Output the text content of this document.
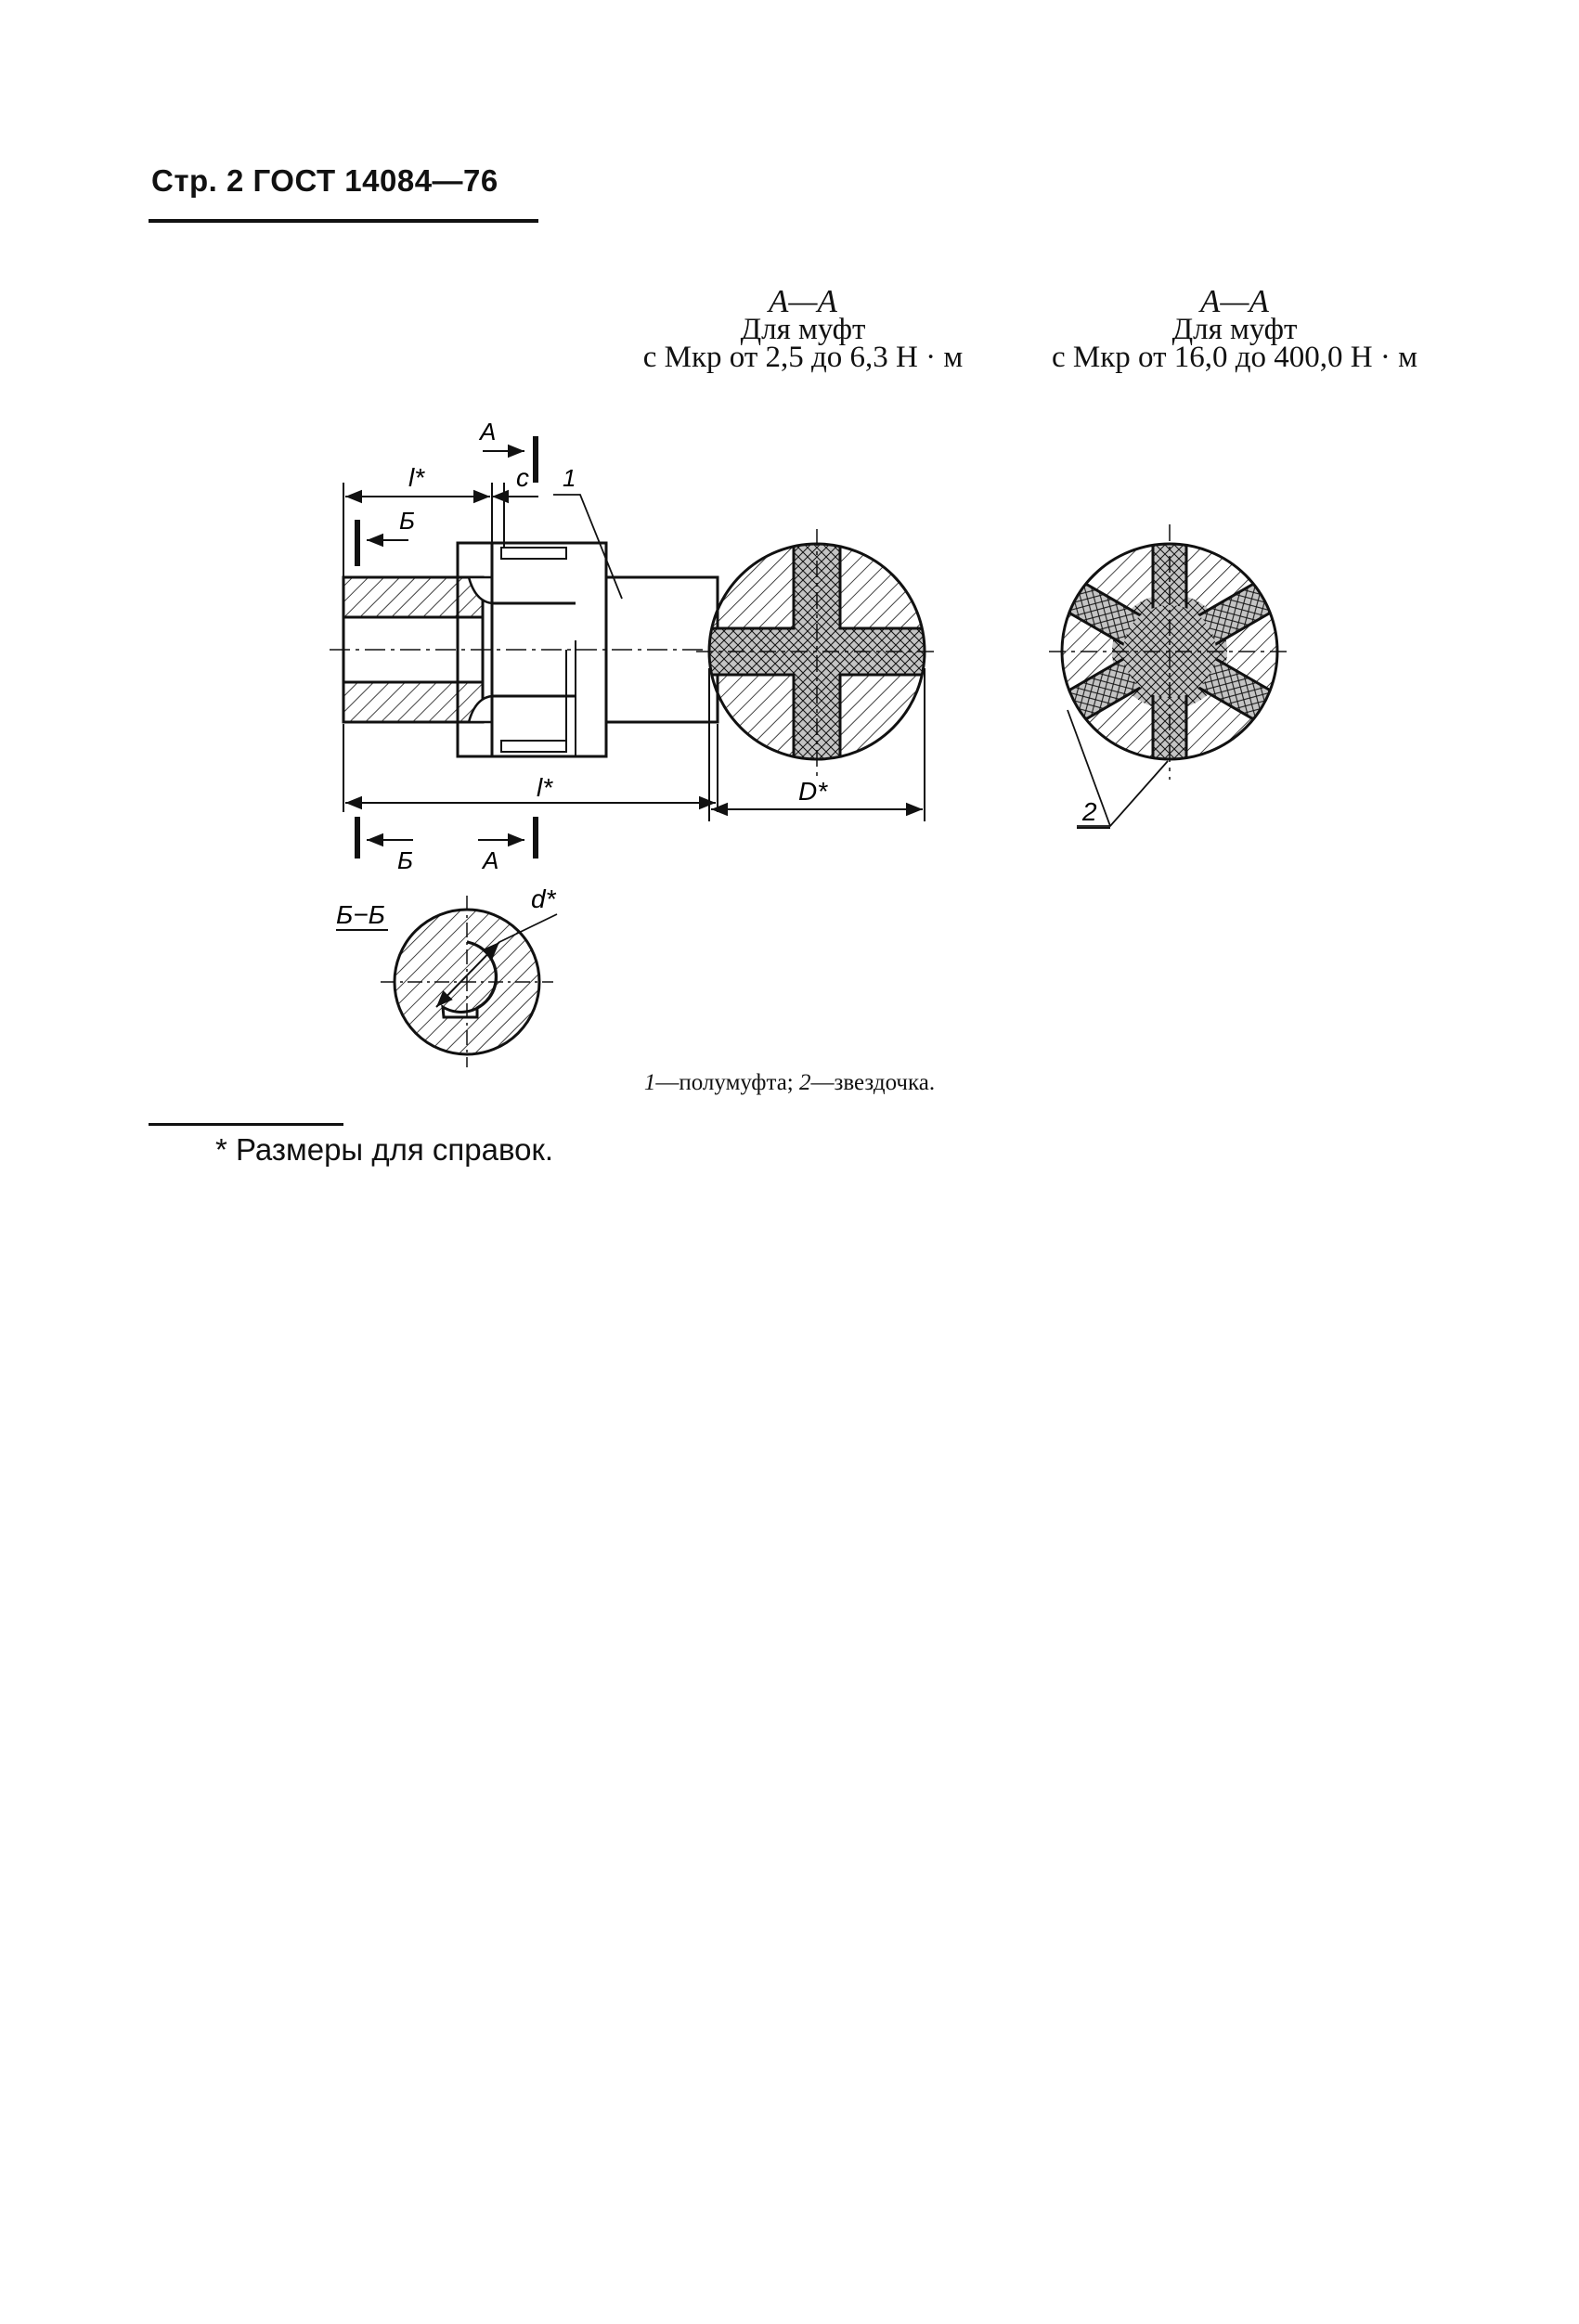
Стр. 2 ГОСТ 14084—76
A—A
Для муфт
с Mкр от 2,5 до 6,3 Н · м
A—A
Для муфт
с Mкр от 16,0 до 400,0 Н · м
l*	c 1
A
Б
l*
Б	A
Б−Б
d*
D*
2
1—полумуфта; 2—звездочка.
* Размеры для справок.
